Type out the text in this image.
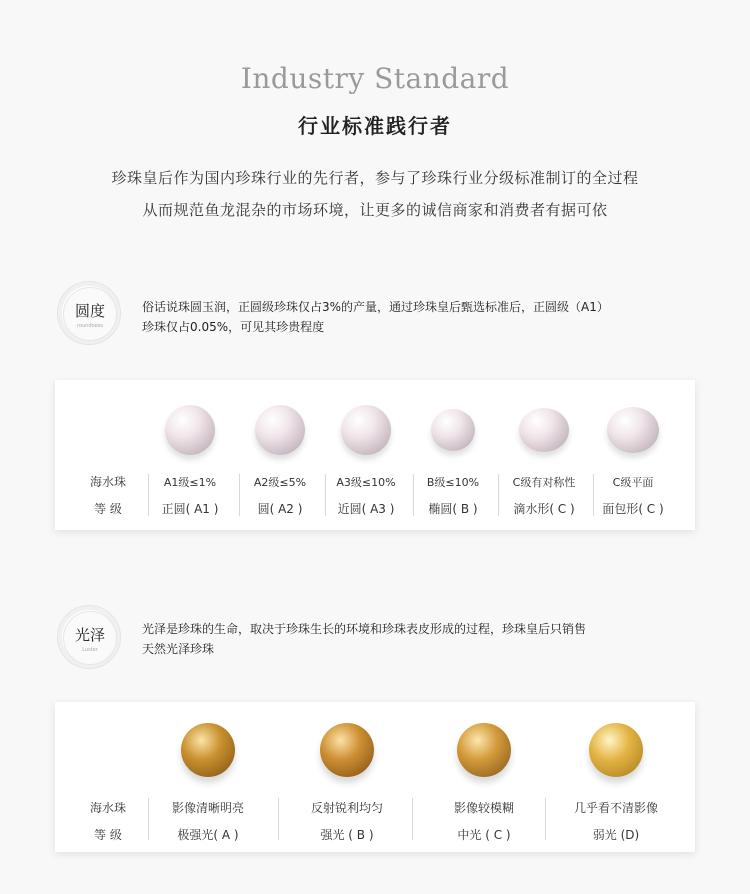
Industry Standard
行业标准践行者
珍珠皇后作为国内珍珠行业的先行者，参与了珍珠行业分级标准制订的全过程
从而规范鱼龙混杂的市场环境，让更多的诚信商家和消费者有据可依
圆度
roundness
俗话说珠圆玉润，正圆级珍珠仅占3%的产量，通过珍珠皇后甄选标准后，正圆级（A1）
珍珠仅占0.05%，可见其珍贵程度
海水珠
等 级
A1级≤1%
正圆( A1 )
A2级≤5%
圆( A2 )
A3级≤10%
近圆( A3 )
B级≤10%
椭圆( B )
C级有对称性
滴水形( C )
C级平面
面包形( C )
光泽
Luster
光泽是珍珠的生命，取决于珍珠生长的环境和珍珠表皮形成的过程，珍珠皇后只销售
天然光泽珍珠
海水珠
等 级
影像清晰明亮
极强光( A )
反射锐利均匀
强光 ( B )
影像较模糊
中光 ( C )
几乎看不清影像
弱光 (D)
